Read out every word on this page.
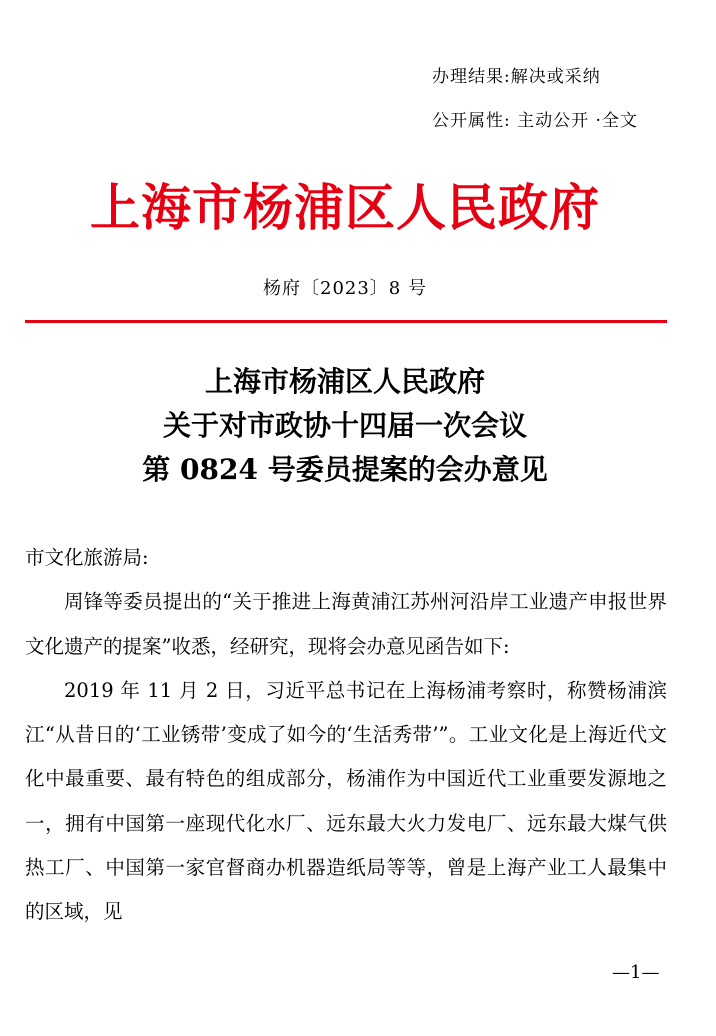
办理结果:解决或采纳
公开属性: 主动公开 ·全文
上海市杨浦区人民政府
杨府〔2023〕8 号
上海市杨浦区人民政府
关于对市政协十四届一次会议
第 0824 号委员提案的会办意见
市文化旅游局:

周锋等委员提出的“关于推进上海黄浦江苏州河沿岸工业遗产申报世界文化遗产的提案”收悉，经研究，现将会办意见函告如下:

2019 年 11 月 2 日，习近平总书记在上海杨浦考察时，称赞杨浦滨江“从昔日的‘工业锈带’变成了如今的‘生活秀带’”。工业文化是上海近代文化中最重要、最有特色的组成部分，杨浦作为中国近代工业重要发源地之一，拥有中国第一座现代化水厂、远东最大火力发电厂、远东最大煤气供热工厂、中国第一家官督商办机器造纸局等等，曾是上海产业工人最集中的区域，见

—1—
